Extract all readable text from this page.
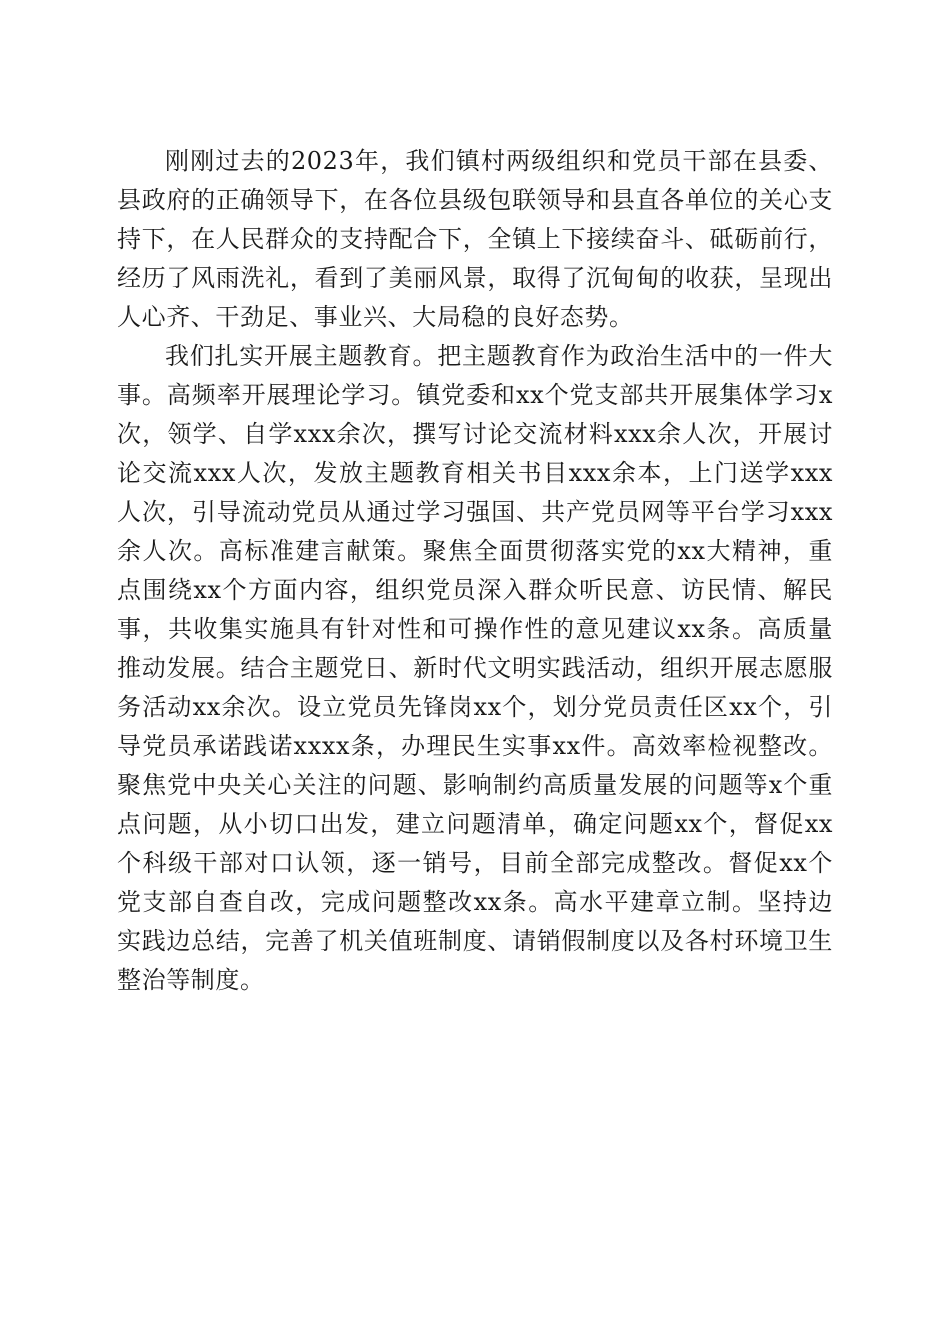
刚刚过去的2023年，我们镇村两级组织和党员干部在县委、县政府的正确领导下，在各位县级包联领导和县直各单位的关心支持下，在人民群众的支持配合下，全镇上下接续奋斗、砥砺前行，经历了风雨洗礼，看到了美丽风景，取得了沉甸甸的收获，呈现出人心齐、干劲足、事业兴、大局稳的良好态势。

我们扎实开展主题教育。把主题教育作为政治生活中的一件大事。高频率开展理论学习。镇党委和xx个党支部共开展集体学习x次，领学、自学xxx余次，撰写讨论交流材料xxx余人次，开展讨论交流xxx人次，发放主题教育相关书目xxx余本，上门送学xxx人次，引导流动党员从通过学习强国、共产党员网等平台学习xxx余人次。高标准建言献策。聚焦全面贯彻落实党的xx大精神，重点围绕xx个方面内容，组织党员深入群众听民意、访民情、解民事，共收集实施具有针对性和可操作性的意见建议xx条。高质量推动发展。结合主题党日、新时代文明实践活动，组织开展志愿服务活动xx余次。设立党员先锋岗xx个，划分党员责任区xx个，引导党员承诺践诺xxxx条，办理民生实事xx件。高效率检视整改。聚焦党中央关心关注的问题、影响制约高质量发展的问题等x个重点问题，从小切口出发，建立问题清单，确定问题xx个，督促xx个科级干部对口认领，逐一销号，目前全部完成整改。督促xx个党支部自查自改，完成问题整改xx条。高水平建章立制。坚持边实践边总结，完善了机关值班制度、请销假制度以及各村环境卫生整治等制度。
